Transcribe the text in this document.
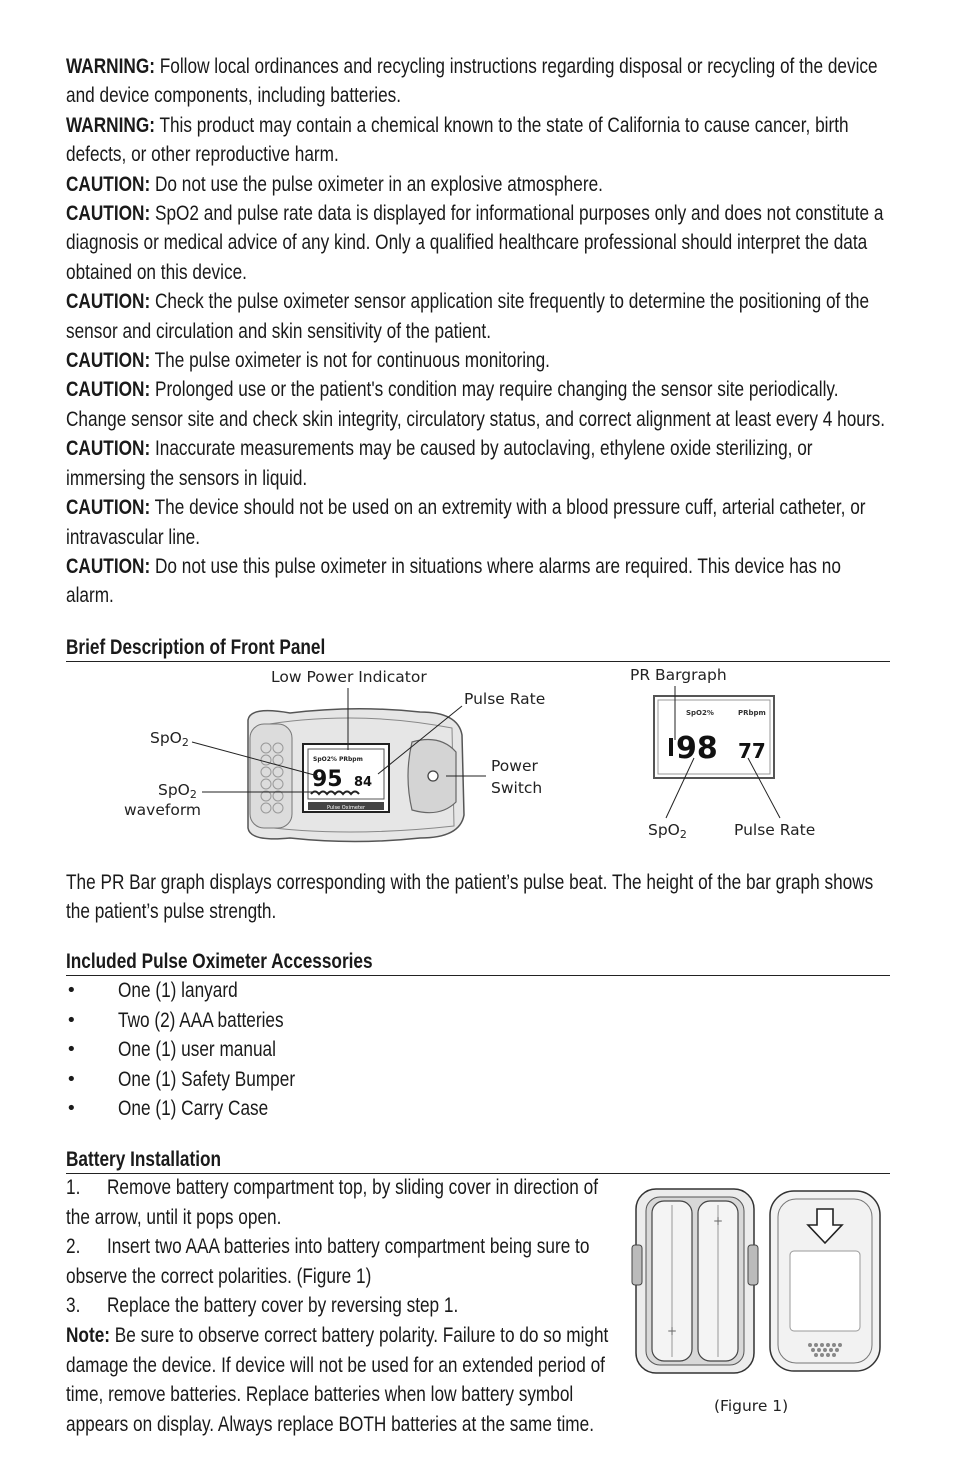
WARNING: Follow local ordinances and recycling instructions regarding disposal or recycling of the device and device components, including batteries.

WARNING: This product may contain a chemical known to the state of California to cause cancer, birth defects, or other reproductive harm.

CAUTION: Do not use the pulse oximeter in an explosive atmosphere.

CAUTION: SpO2 and pulse rate data is displayed for informational purposes only and does not constitute a diagnosis or medical advice of any kind. Only a qualified healthcare professional should interpret the data obtained on this device.

CAUTION: Check the pulse oximeter sensor application site frequently to determine the positioning of the sensor and circulation and skin sensitivity of the patient.

CAUTION: The pulse oximeter is not for continuous monitoring.

CAUTION: Prolonged use or the patient's condition may require changing the sensor site periodically. Change sensor site and check skin integrity, circulatory status, and correct alignment at least every 4 hours.

CAUTION: Inaccurate measurements may be caused by autoclaving, ethylene oxide sterilizing, or immersing the sensors in liquid.

CAUTION: The device should not be used on an extremity with a blood pressure cuff, arterial catheter, or intravascular line.

CAUTION: Do not use this pulse oximeter in situations where alarms are required. This device has no alarm.

Brief Description of Front Panel
SpO2% PRbpm
95 84
Pulse Oximeter
SpO2%	PRbpm
98 77
Low Power Indicator
Pulse Rate
SpO$_2$
SpO$_2$
waveform
Power
Switch
PR Bargraph
SpO$_2$	Pulse Rate
The PR Bar graph displays corresponding with the patient’s pulse beat. The height of the bar graph shows the patient’s pulse strength.
Included Pulse Oximeter Accessories
• One (1) lanyard
• Two (2) AAA batteries
• One (1) user manual
• One (1) Safety Bumper
• One (1) Carry Case
Battery Installation

1. Remove battery compartment top, by sliding cover in direction of the arrow, until it pops open.

2. Insert two AAA batteries into battery compartment being sure to observe the correct polarities. (Figure 1)

3. Replace the battery cover by reversing step 1.

Note: Be sure to observe correct battery polarity. Failure to do so might damage the device. If device will not be used for an extended period of time, remove batteries. Replace batteries when low battery symbol appears on display. Always replace BOTH batteries at the same time.

+
+
(Figure 1)
